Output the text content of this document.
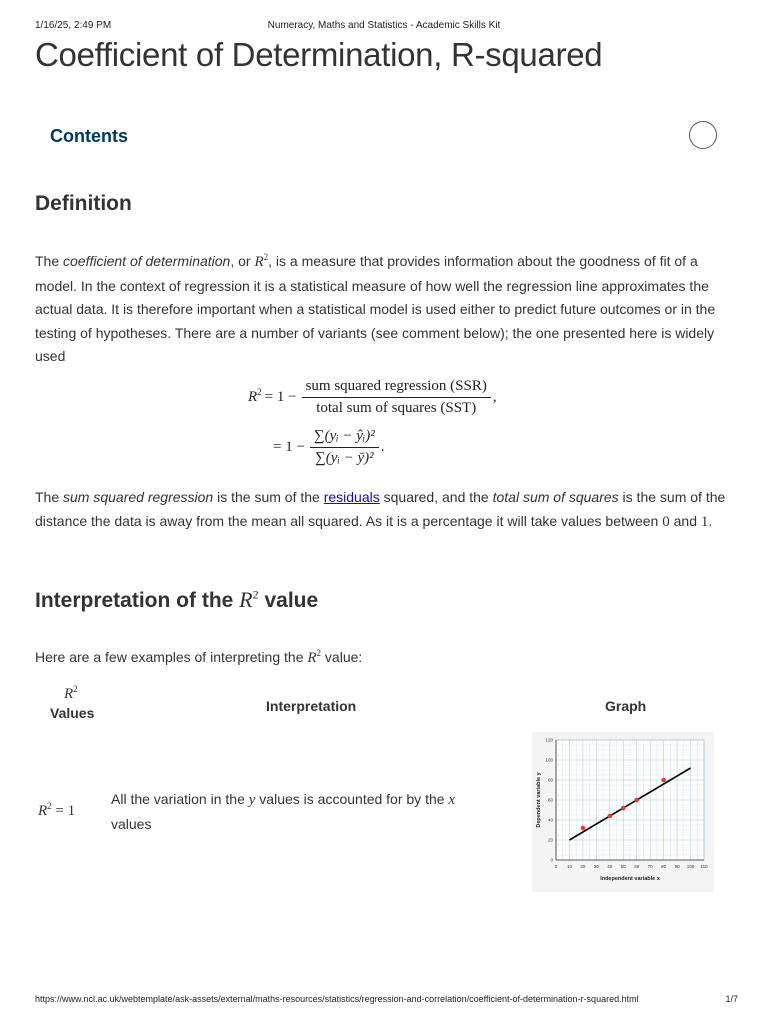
1/16/25, 2:49 PM	Numeracy, Maths and Statistics - Academic Skills Kit
Coefficient of Determination, R-squared
Contents
Definition

The coefficient of determination, or $R^2$, is a measure that provides information about the goodness of fit of a model. In the context of regression it is a statistical measure of how well the regression line approximates the actual data. It is therefore important when a statistical model is used either to predict future outcomes or in the testing of hypotheses. There are a number of variants (see comment below); the one presented here is widely used

$R^2 = 1 - \frac{\text{sum squared regression (SSR)}}{\text{total sum of squares (SST)}}$ ,
= $1 - \frac{\text{∑(yᵢ − ŷᵢ)²}}{\text{∑(yᵢ − ȳ)²}}$ .

The sum squared regression is the sum of the residuals squared, and the total sum of squares is the sum of the distance the data is away from the mean all squared. As it is a percentage it will take values between 0 and 1.

Interpretation of the $R^2$ value

Here are a few examples of interpreting the $R^2$ value:

$R^2$
Values	Interpretation	Graph
$R^2 = 1$
All the variation in the y values is accounted for by the x values
0 10 20 30 40 50 60 70 80 90 100 110
0
20
40
60
80
100
120
Independent variable x
Dependent variable y
https://www.ncl.ac.uk/webtemplate/ask-assets/external/maths-resources/statistics/regression-and-correlation/coefficient-of-determination-r-squared.html	1/7
